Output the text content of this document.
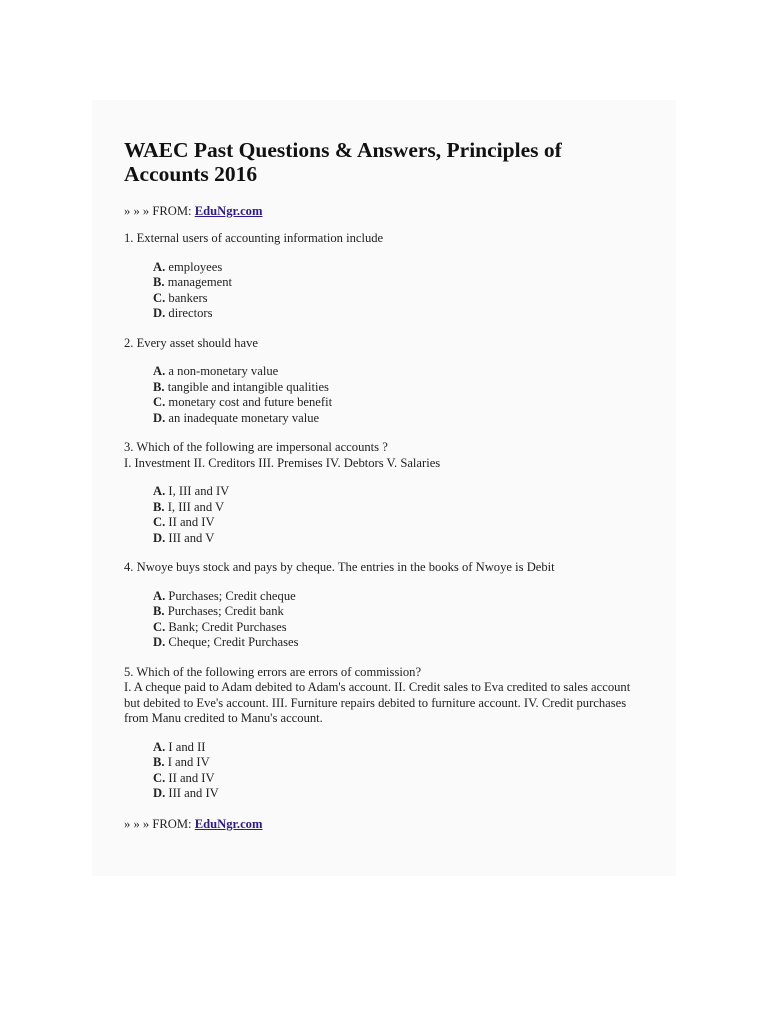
WAEC Past Questions & Answers, Principles of Accounts 2016

» » » FROM: EduNgr.com

1. External users of accounting information include

A. employees
B. management
C. bankers
D. directors

2. Every asset should have

A. a non-monetary value
B. tangible and intangible qualities
C. monetary cost and future benefit
D. an inadequate monetary value

3. Which of the following are impersonal accounts ?

I. Investment II. Creditors III. Premises IV. Debtors V. Salaries

A. I, III and IV
B. I, III and V
C. II and IV
D. III and V

4. Nwoye buys stock and pays by cheque. The entries in the books of Nwoye is Debit

A. Purchases; Credit cheque
B. Purchases; Credit bank
C. Bank; Credit Purchases
D. Cheque; Credit Purchases

5. Which of the following errors are errors of commission?

I. A cheque paid to Adam debited to Adam's account. II. Credit sales to Eva credited to sales account but debited to Eve's account. III. Furniture repairs debited to furniture account. IV. Credit purchases from Manu credited to Manu's account.

A. I and II
B. I and IV
C. II and IV
D. III and IV

» » » FROM: EduNgr.com
